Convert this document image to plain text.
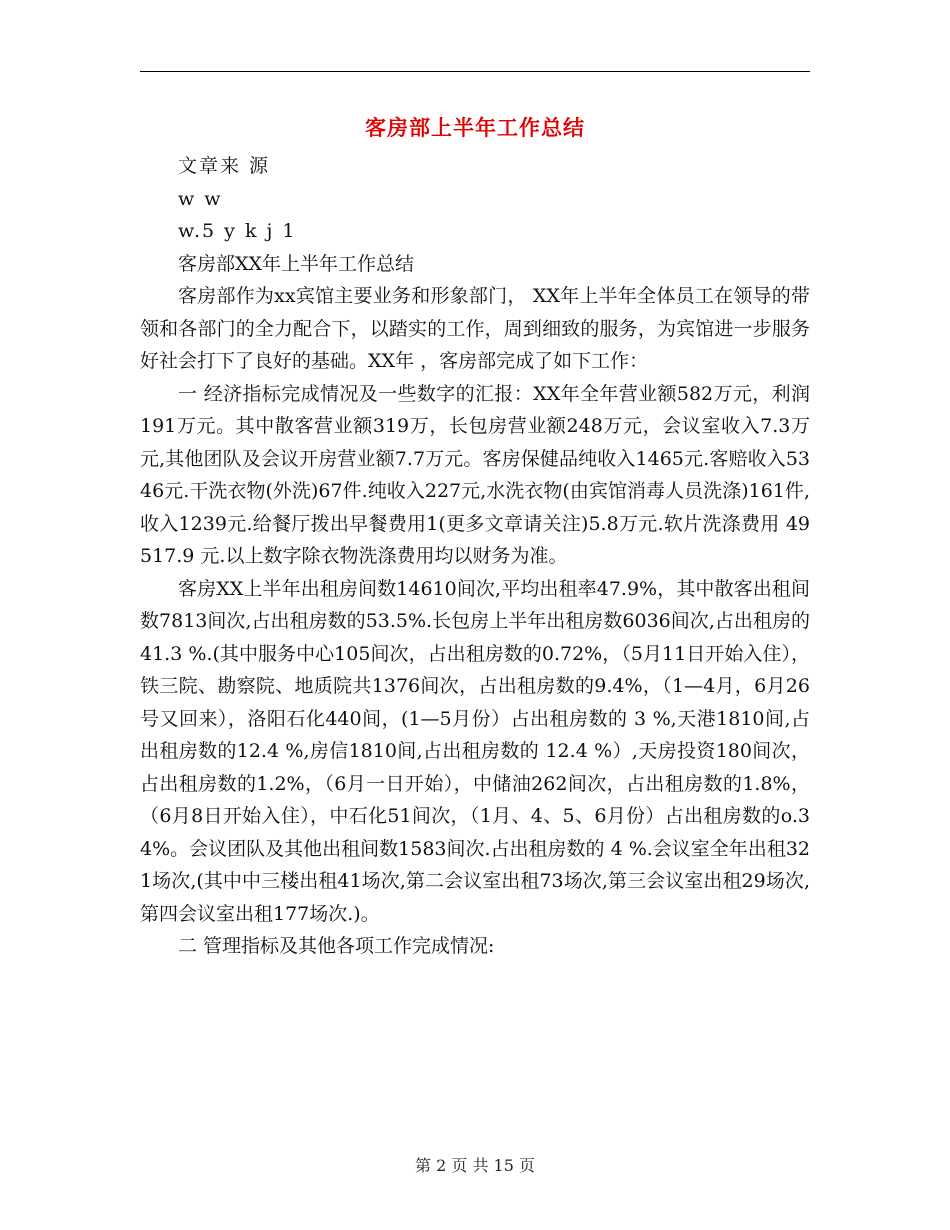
客房部上半年工作总结

文章来 源

w w

w.5 y k j 1

客房部XX年上半年工作总结

客房部作为xx宾馆主要业务和形象部门， XX年上半年全体员工在领导的带领和各部门的全力配合下，以踏实的工作，周到细致的服务，为宾馆进一步服务好社会打下了良好的基础。XX年 ，客房部完成了如下工作：

一 经济指标完成情况及一些数字的汇报：XX年全年营业额582万元，利润191万元。其中散客营业额319万，长包房营业额248万元，会议室收入7.3万元,其他团队及会议开房营业额7.7万元。客房保健品纯收入1465元.客赔收入5346元.干洗衣物(外洗)67件.纯收入227元,水洗衣物(由宾馆消毒人员洗涤)161件,收入1239元.给餐厅拨出早餐费用1(更多文章请关注)5.8万元.软片洗涤费用 49517.9 元.以上数字除衣物洗涤费用均以财务为准。

客房XX上半年出租房间数14610间次,平均出租率47.9%，其中散客出租间数7813间次,占出租房数的53.5%.长包房上半年出租房数6036间次,占出租房的 41.3 %.(其中服务中心105间次，占出租房数的0.72%，（5月11日开始入住），铁三院、勘察院、地质院共1376间次，占出租房数的9.4%，（1—4月，6月26号又回来），洛阳石化440间，(1—5月份）占出租房数的 3 %,天港1810间,占出租房数的12.4 %,房信1810间,占出租房数的 12.4 %）,天房投资180间次，占出租房数的1.2%，（6月一日开始），中储油262间次，占出租房数的1.8%，（6月8日开始入住），中石化51间次，（1月、4、5、6月份）占出租房数的o.34%。会议团队及其他出租间数1583间次.占出租房数的 4 %.会议室全年出租321场次,(其中中三楼出租41场次,第二会议室出租73场次,第三会议室出租29场次,第四会议室出租177场次.)。

二 管理指标及其他各项工作完成情况:

第 2 页 共 15 页
